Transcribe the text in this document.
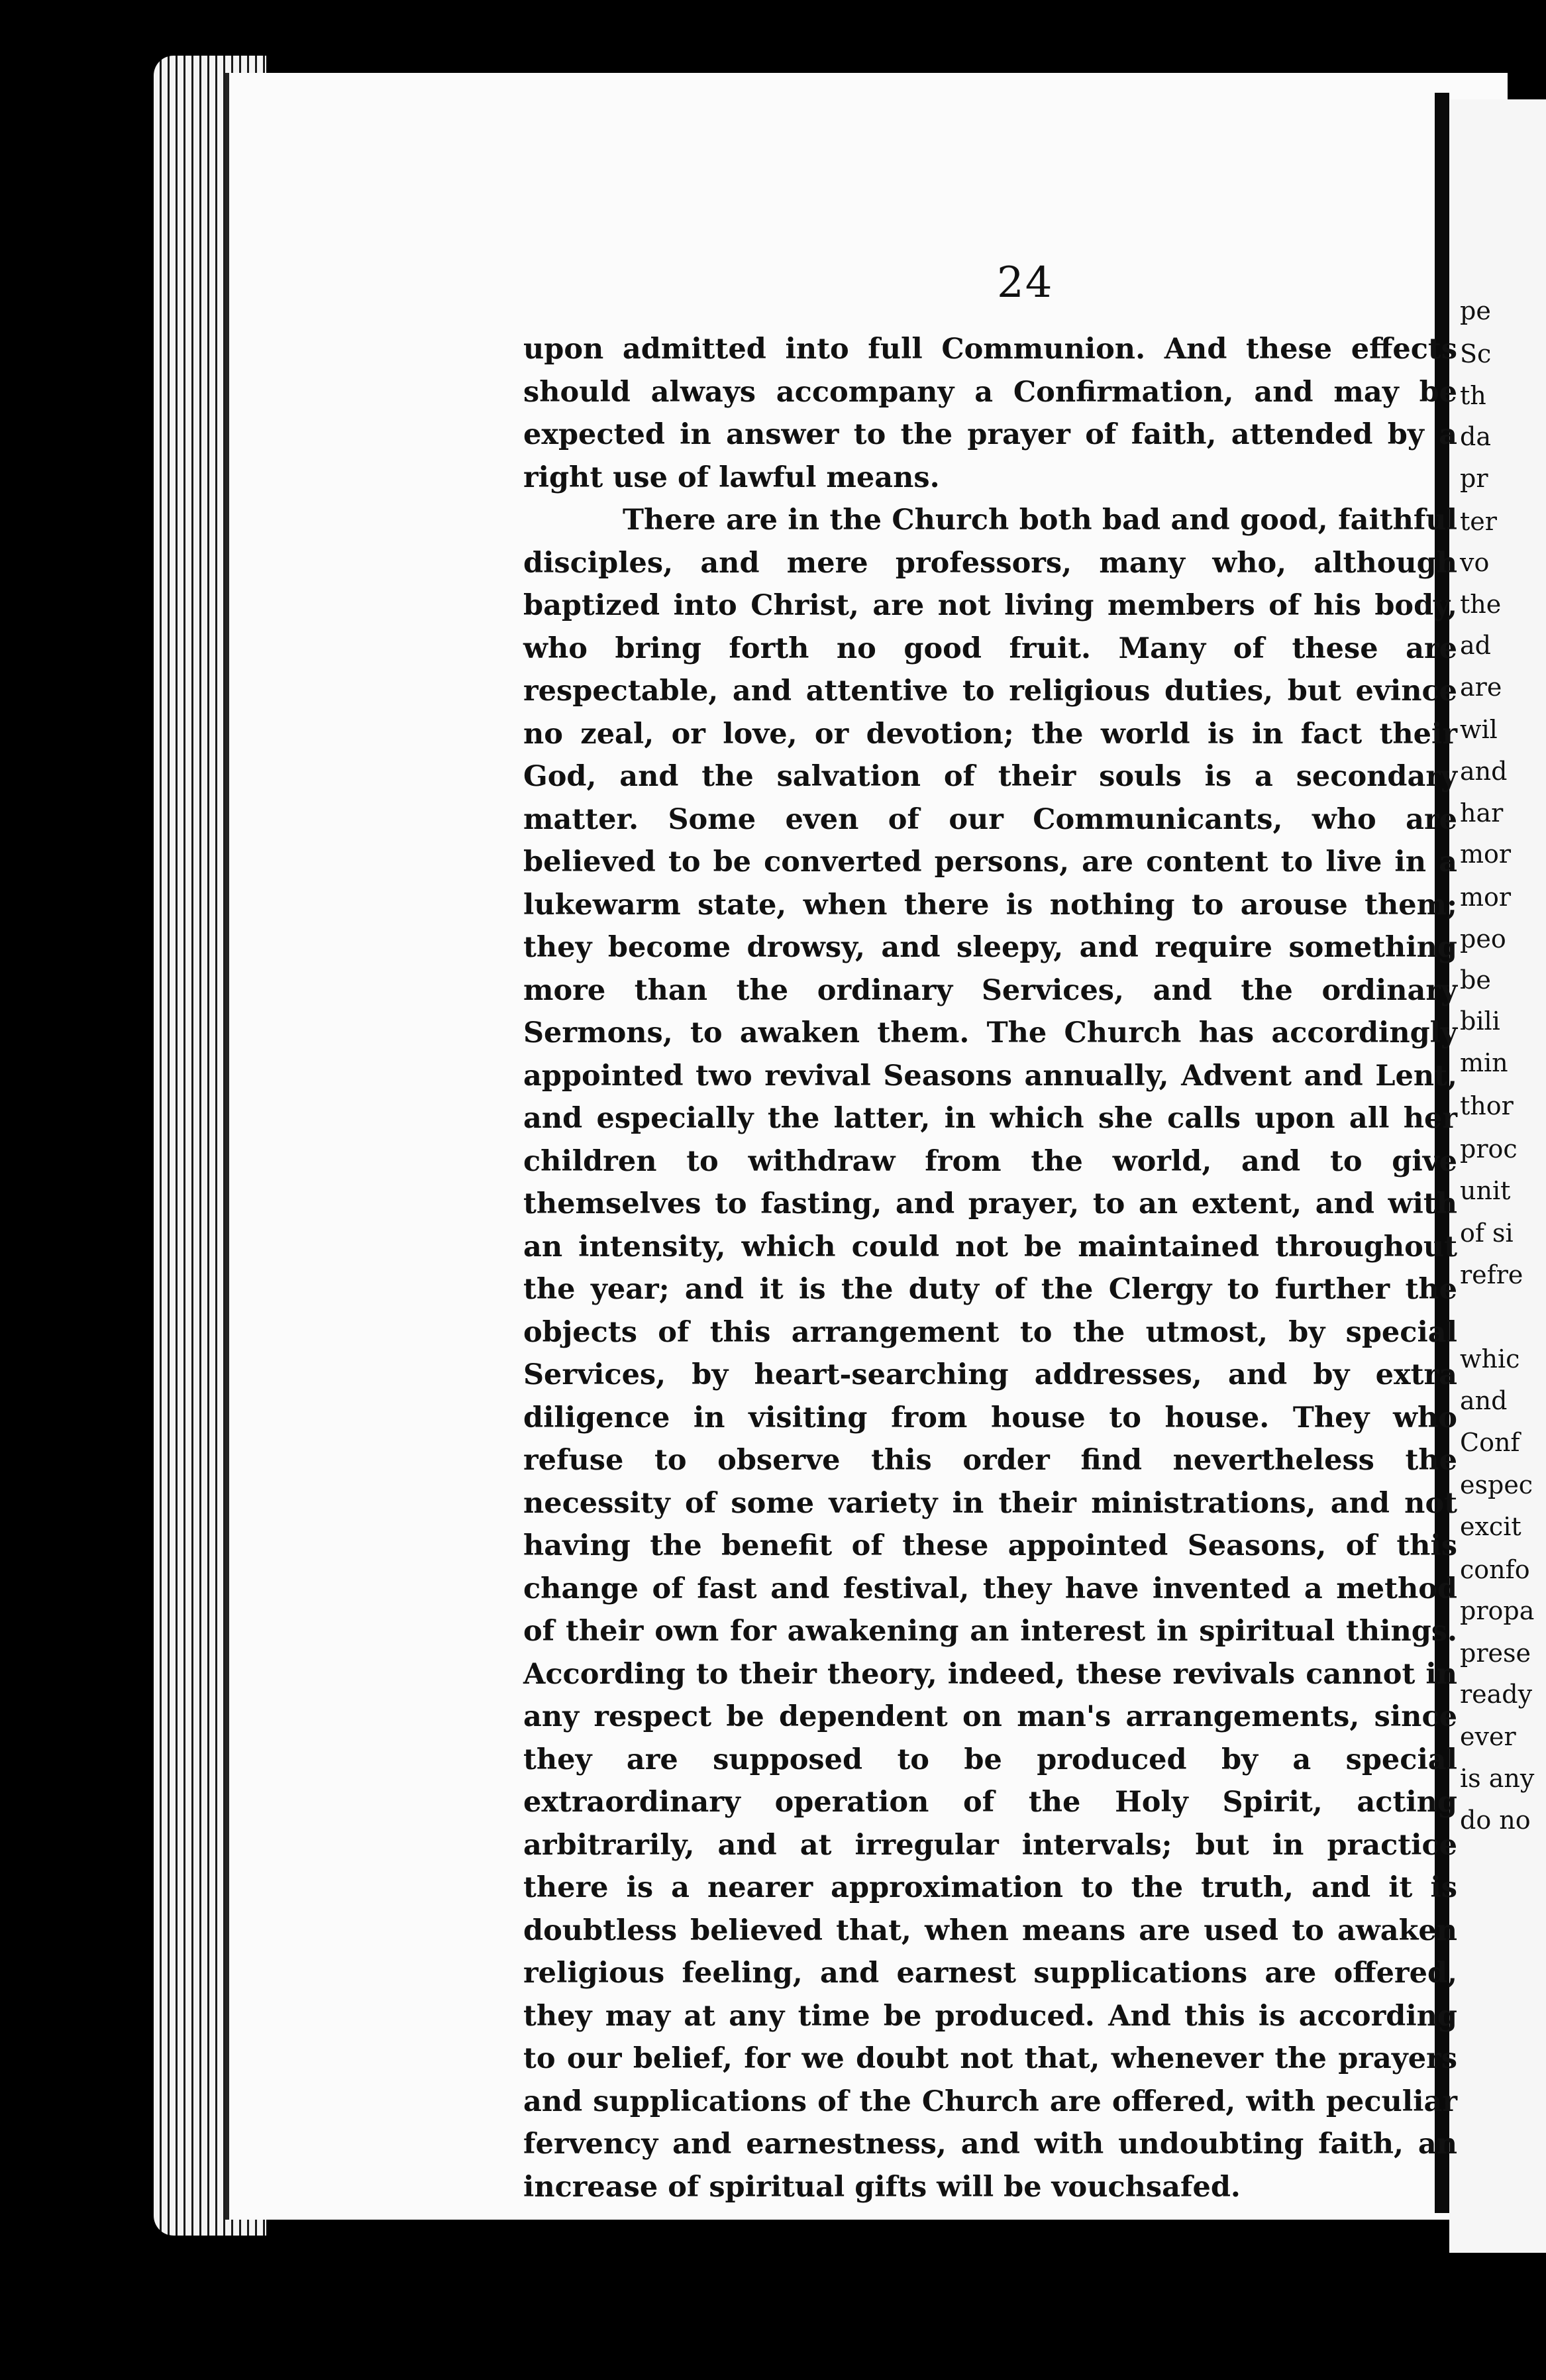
pe
Sc
th
da
pr
ter
vo
the
ad
are
wil
and
har
mor
mor
peo
be
bili
min
thor
proc
unit
of si
refre
whic
and
Conf
espec
excit
confo
propa
prese
ready
ever
is any
do no
24

upon admitted into full Communion. And these effects should always accompany a Confirmation, and may be expected in answer to the prayer of faith, attended by a right use of lawful means.

There are in the Church both bad and good, faithful disciples, and mere professors, many who, although baptized into Christ, are not living members of his body, who bring forth no good fruit. Many of these are respectable, and attentive to religious duties, but evince no zeal, or love, or devotion; the world is in fact their God, and the salvation of their souls is a secondary matter. Some even of our Communicants, who are believed to be converted persons, are content to live in a lukewarm state, when there is nothing to arouse them; they become drowsy, and sleepy, and require something more than the ordinary Services, and the ordinary Sermons, to awaken them. The Church has accordingly appointed two revival Seasons annually, Advent and Lent, and especially the latter, in which she calls upon all her children to withdraw from the world, and to give themselves to fasting, and prayer, to an extent, and with an intensity, which could not be maintained throughout the year; and it is the duty of the Clergy to further the objects of this arrangement to the utmost, by special Services, by heart-searching addresses, and by extra diligence in visiting from house to house. They who refuse to observe this order find nevertheless the necessity of some variety in their ministrations, and not having the benefit of these appointed Seasons, of this change of fast and festival, they have invented a method of their own for awakening an interest in spiritual things. According to their theory, indeed, these revivals cannot in any respect be dependent on man's arrangements, since they are supposed to be produced by a special extraordinary operation of the Holy Spirit, acting arbitrarily, and at irregular intervals; but in practice there is a nearer approximation to the truth, and it is doubtless believed that, when means are used to awaken religious feeling, and earnest supplications are offered, they may at any time be produced. And this is according to our belief, for we doubt not that, whenever the prayers and supplications of the Church are offered, with peculiar fervency and earnestness, and with undoubting faith, an increase of spiritual gifts will be vouchsafed.
